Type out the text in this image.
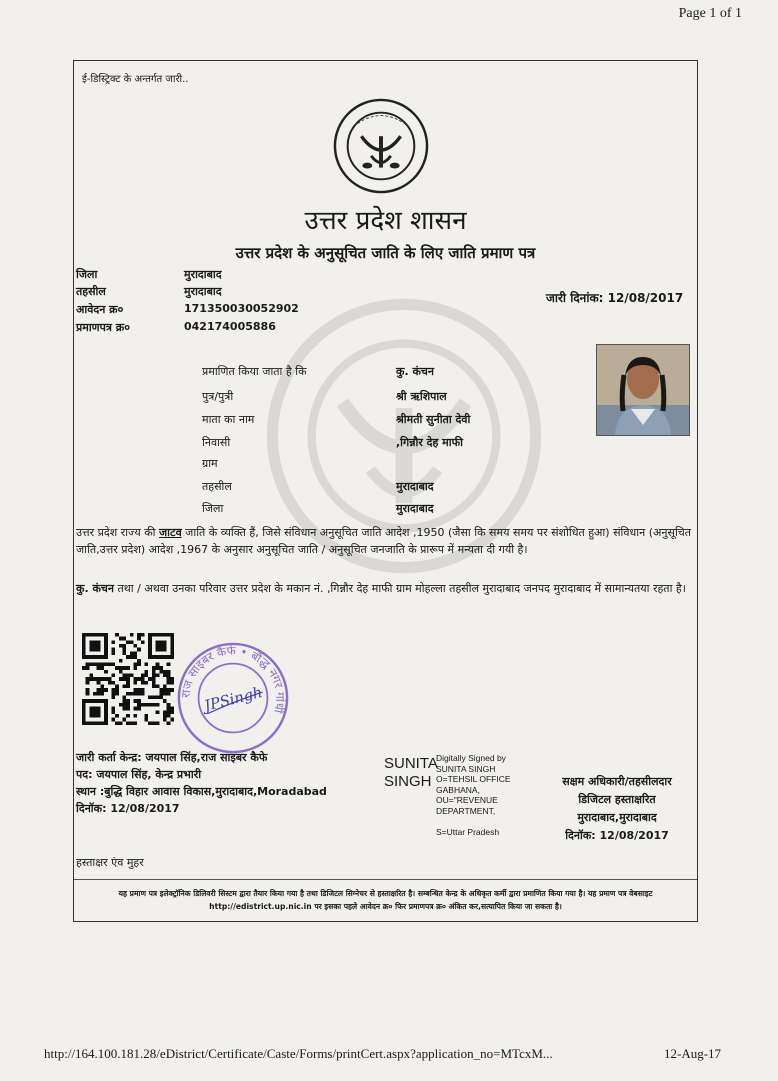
Page 1 of 1
ई-डिस्ट्रिक्ट के अन्तर्गत जारी..
उत्तर प्रदेश शासन
उत्तर प्रदेश के अनुसूचित जाति के लिए जाति प्रमाण पत्र
जिला	मुरादाबाद
तहसील	मुरादाबाद
आवेदन क्र०	171350030052902
प्रमाणपत्र क्र०	042174005886
जारी दिनांक: 12/08/2017
प्रमाणित किया जाता है कि	कु. कंचन
पुत्र/पुत्री	श्री ऋशिपाल
माता का नाम	श्रीमती सुनीता देवी
निवासी	,गिन्नौर देह माफी
ग्राम
तहसील	मुरादाबाद
जिला	मुरादाबाद
उत्तर प्रदेश राज्य की जाटव जाति के व्यक्ति हैं, जिसे संविधान अनुसूचित जाति आदेश ,1950 (जैसा कि समय समय पर संशोधित हुआ) संविधान (अनुसूचित जाति,उत्तर प्रदेश) आदेश ,1967 के अनुसार अनुसूचित जाति / अनुसूचित जनजाति के प्रारूप में मन्यता दी गयी है।
कु. कंचन तथा / अथवा उनका परिवार उत्तर प्रदेश के मकान नं. ,गिन्नौर देह माफी ग्राम मोहल्ला तहसील मुरादाबाद जनपद मुरादाबाद में सामान्यतया रहता है।
राज साइबर कैफे • बौद्ध नगर गांधी
JPSingh
जारी कर्ता केन्द्र: जयपाल सिंह,राज साइबर कैफे
पद: जयपाल सिंह, केन्द्र प्रभारी
स्थान :बुद्धि विहार आवास विकास,मुरादाबाद,Moradabad
दिनॉक: 12/08/2017
SUNITA
SINGH
Digitally Signed by
SUNITA SINGH
O=TEHSIL OFFICE
GABHANA,
OU="REVENUE
DEPARTMENT,
S=Uttar Pradesh
सक्षम अधिकारी/तहसीलदार
डिजिटल हस्ताक्षरित
मुरादाबाद,मुरादाबाद
दिनॉक: 12/08/2017
हस्ताक्षर एंव मुहर
यह प्रमाण पत्र इलेक्ट्रॉनिक डिलिवरी सिस्टम द्वारा तैयार किया गया है तथा डिजिटल सिग्नेचर से हस्ताक्षरित है। सम्बन्धित केन्द्र के अधिकृत कर्मी द्वारा प्रमाणित किया गया है। यह प्रमाण पत्र वेबसाइट http://edistrict.up.nic.in पर इसका पहले आवेदन क्र० फिर प्रमाणपत्र क्र० अंकित कर,सत्यापित किया जा सकता है।
http://164.100.181.28/eDistrict/Certificate/Caste/Forms/printCert.aspx?application_no=MTcxM...	12-Aug-17
